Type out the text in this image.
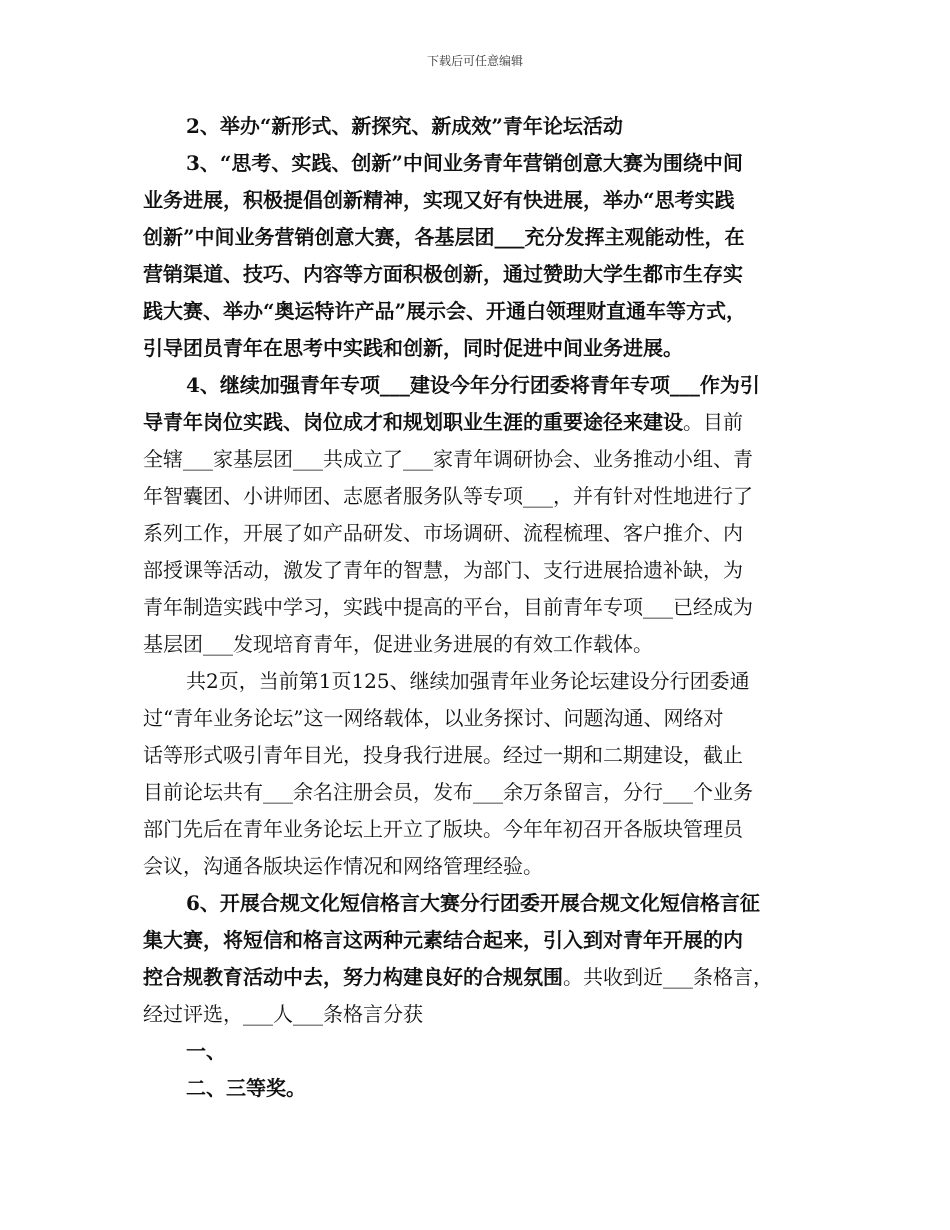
下载后可任意编辑
2、举办“新形式、新探究、新成效”青年论坛活动
3、“思考、实践、创新”中间业务青年营销创意大赛为围绕中间
业务进展，积极提倡创新精神，实现又好有快进展，举办“思考实践
创新”中间业务营销创意大赛，各基层团___充分发挥主观能动性，在
营销渠道、技巧、内容等方面积极创新，通过赞助大学生都市生存实
践大赛、举办“奥运特许产品”展示会、开通白领理财直通车等方式，
引导团员青年在思考中实践和创新，同时促进中间业务进展。
4、继续加强青年专项___建设今年分行团委将青年专项___作为引
导青年岗位实践、岗位成才和规划职业生涯的重要途径来建设。目前
全辖___家基层团___共成立了___家青年调研协会、业务推动小组、青
年智囊团、小讲师团、志愿者服务队等专项___，并有针对性地进行了
系列工作，开展了如产品研发、市场调研、流程梳理、客户推介、内
部授课等活动，激发了青年的智慧，为部门、支行进展拾遗补缺，为
青年制造实践中学习，实践中提高的平台，目前青年专项___已经成为
基层团___发现培育青年，促进业务进展的有效工作载体。
共2页，当前第1页125、继续加强青年业务论坛建设分行团委通
过“青年业务论坛”这一网络载体，以业务探讨、问题沟通、网络对
话等形式吸引青年目光，投身我行进展。经过一期和二期建设，截止
目前论坛共有___余名注册会员，发布___余万条留言，分行___个业务
部门先后在青年业务论坛上开立了版块。今年年初召开各版块管理员
会议，沟通各版块运作情况和网络管理经验。
6、开展合规文化短信格言大赛分行团委开展合规文化短信格言征
集大赛，将短信和格言这两种元素结合起来，引入到对青年开展的内
控合规教育活动中去，努力构建良好的合规氛围。共收到近___条格言，
经过评选，___人___条格言分获
一、
二、三等奖。
